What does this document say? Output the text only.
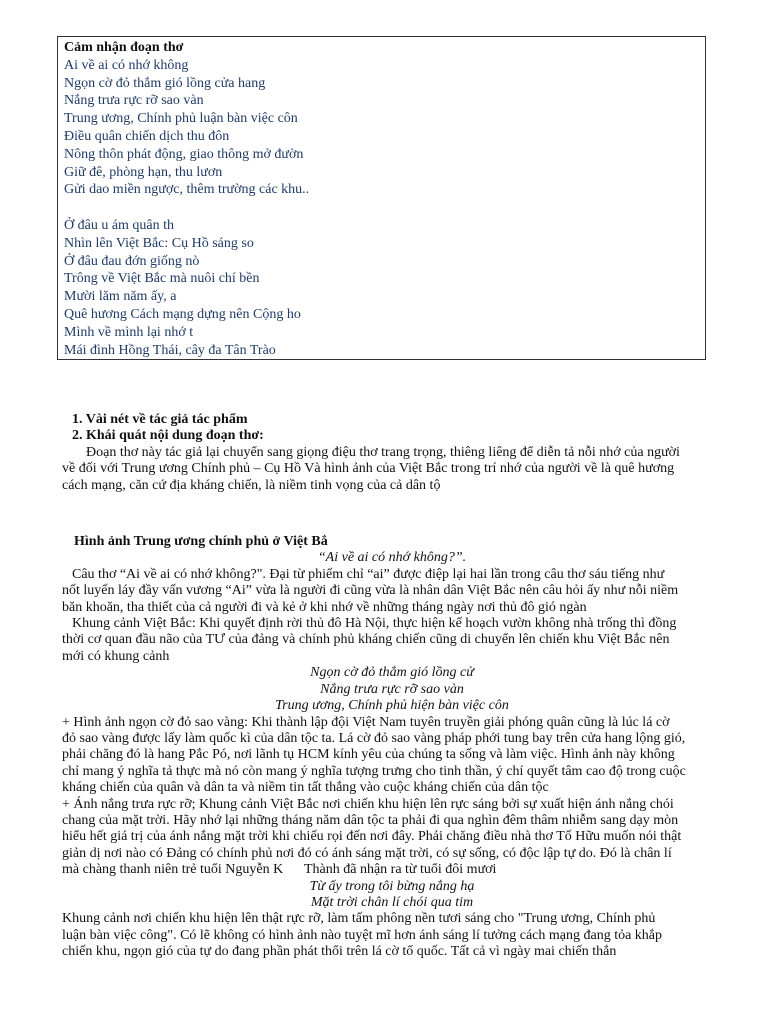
Cảm nhận đoạn thơ
Ai về ai có nhớ không
Ngọn cờ đỏ thắm gió lồng cửa hang
Nắng trưa rực rỡ sao vàn
Trung ương, Chính phủ luận bàn việc côn
Điều quân chiến dịch thu đôn
Nông thôn phát động, giao thông mở đườn
Giữ đê, phòng hạn, thu lươn
Gửi dao miền ngược, thêm trường các khu..
Ở đâu u ám quân th
Nhìn lên Việt Bắc: Cụ Hồ sáng so
Ở đâu đau đớn giống nò
Trông về Việt Bắc mà nuôi chí bền
Mười lăm năm ấy, a
Quê hương Cách mạng dựng nên Cộng ho
Mình về mình lại nhớ t
Mái đình Hồng Thái, cây đa Tân Trào
1. Vài nét về tác giả tác phẩm
2. Khái quát nội dung đoạn thơ:
Đoạn thơ này tác giả lại chuyển sang giọng điệu thơ trang trọng, thiêng liêng để diễn tả nỗi nhớ của người
về đối với Trung ương Chính phủ – Cụ Hồ Và hình ảnh của Việt Bắc trong trí nhớ của người về là quê hương
cách mạng, căn cứ địa kháng chiến, là niềm tinh vọng của cả dân tộ
Hình ảnh Trung ương chính phủ ở Việt Bắ
“Ai về ai có nhớ không?”.
Câu thơ “Ai về ai có nhớ không?". Đại từ phiếm chỉ “ai” được điệp lại hai lần trong câu thơ sáu tiếng như
nốt luyến láy đầy vấn vương “Ai” vừa là người đi cũng vừa là nhân dân Việt Bắc nên câu hỏi ấy như nỗi niềm
băn khoăn, tha thiết của cả người đi và kẻ ở khi nhớ về những tháng ngày nơi thủ đô gió ngàn
Khung cảnh Việt Bắc: Khi quyết định rời thủ đô Hà Nội, thực hiện kế hoạch vườn không nhà trống thì đồng
thời cơ quan đầu não của TƯ của đảng và chính phủ kháng chiến cũng di chuyển lên chiến khu Việt Bắc nên
mới có khung cảnh
Ngọn cờ đỏ thắm gió lồng cử
Nắng trưa rực rỡ sao vàn
Trung ương, Chính phủ hiện bàn việc côn
+ Hình ảnh ngọn cờ đỏ sao vàng: Khi thành lập đội Việt Nam tuyên truyền giải phóng quân cũng là lúc lá cờ
đỏ sao vàng được lấy làm quốc kì của dân tộc ta. Lá cờ đỏ sao vàng pháp phới tung bay trên cửa hang lộng gió,
phải chăng đó là hang Pắc Pó, nơi lãnh tụ HCM kính yêu của chúng ta sống và làm việc. Hình ảnh này không
chỉ mang ý nghĩa tả thực mà nó còn mang ý nghĩa tượng trưng cho tinh thần, ý chí quyết tâm cao độ trong cuộc
kháng chiến của quân và dân ta và niềm tin tất thắng vào cuộc kháng chiến của dân tộc
+ Ánh nắng trưa rực rỡ; Khung cảnh Việt Bắc nơi chiến khu hiện lên rực sáng bởi sự xuất hiện ánh nắng chói
chang của mặt trời. Hãy nhớ lại những tháng năm dân tộc ta phải đi qua nghìn đêm thâm nhiễm sang dạy mòn
hiểu hết giá trị của ánh nắng mặt trời khi chiếu rọi đến nơi đây. Phải chăng điều nhà thơ Tố Hữu muốn nói thật
giản dị nơi nào có Đảng có chính phủ nơi đó có ánh sáng mặt trời, có sự sống, có độc lập tự do. Đó là chân lí
mà chàng thanh niên trẻ tuổi Nguyễn K      Thành đã nhận ra từ tuổi đôi mươi
Từ ấy trong tôi bừng nắng hạ
Mặt trời chân lí chói qua tim
Khung cảnh nơi chiến khu hiện lên thật rực rỡ, làm tấm phông nền tươi sáng cho "Trung ương, Chính phủ
luận bàn việc công". Có lẽ không có hình ảnh nào tuyệt mĩ hơn ánh sáng lí tưởng cách mạng đang tỏa khắp
chiến khu, ngọn gió của tự do đang phần phát thổi trên lá cờ tổ quốc. Tất cả vì ngày mai chiến thắn
